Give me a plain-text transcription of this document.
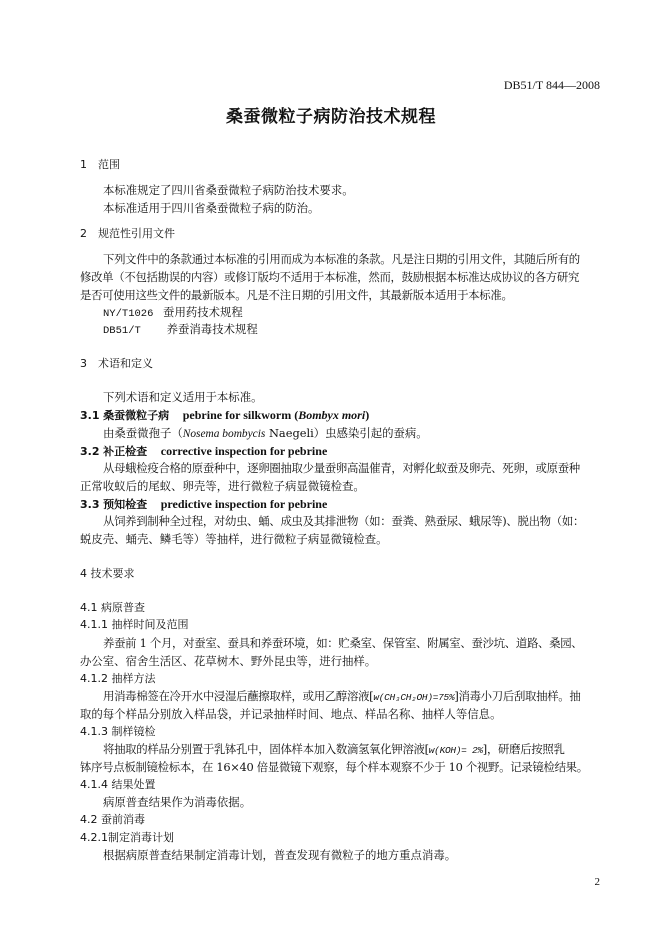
DB51/T 844—2008
桑蚕微粒子病防治技术规程
1　范围
本标准规定了四川省桑蚕微粒子病防治技术要求。
本标准适用于四川省桑蚕微粒子病的防治。
2　规范性引用文件
下列文件中的条款通过本标准的引用而成为本标准的条款。凡是注日期的引用文件，其随后所有的
修改单（不包括勘误的内容）或修订版均不适用于本标准，然而，鼓励根据本标准达成协议的各方研究
是否可使用这些文件的最新版本。凡是不注日期的引用文件，其最新版本适用于本标准。
NY/T1026 蚕用药技术规程
DB51/T 养蚕消毒技术规程
3　术语和定义
下列术语和定义适用于本标准。
3.1 桑蚕微粒子病 pebrine for silkworm (Bombyx mori)
由桑蚕微孢子（Nosema bombycis Naegeli）虫感染引起的蚕病。
3.2 补正检查 corrective inspection for pebrine
从母蛾检疫合格的原蚕种中，逐卵圈抽取少量蚕卵高温催青，对孵化蚁蚕及卵壳、死卵，或原蚕种
正常收蚁后的尾蚁、卵壳等，进行微粒子病显微镜检查。
3.3 预知检查 predictive inspection for pebrine
从饲养到制种全过程，对幼虫、蛹、成虫及其排泄物（如：蚕粪、熟蚕尿、蛾尿等)、脱出物（如：
蜕皮壳、蛹壳、鳞毛等）等抽样，进行微粒子病显微镜检查。
4 技术要求
4.1 病原普查
4.1.1 抽样时间及范围
养蚕前 1 个月，对蚕室、蚕具和养蚕环境，如：贮桑室、保管室、附属室、蚕沙坑、道路、桑园、
办公室、宿舍生活区、花草树木、野外昆虫等，进行抽样。
4.1.2 抽样方法
用消毒棉签在冷开水中浸湿后蘸擦取样，或用乙醇溶液[w(CH₃CH₂OH)=75%]消毒小刀后刮取抽样。抽
取的每个样品分别放入样品袋，并记录抽样时间、地点、样品名称、抽样人等信息。
4.1.3 制样镜检
将抽取的样品分别置于乳钵孔中，固体样本加入数滴氢氧化钾溶液[w(KOH)= 2%]，研磨后按照乳
钵序号点板制镜检标本，在 16×40 倍显微镜下观察，每个样本观察不少于 10 个视野。记录镜检结果。
4.1.4 结果处置
病原普查结果作为消毒依据。
4.2 蚕前消毒
4.2.1制定消毒计划
根据病原普查结果制定消毒计划，普查发现有微粒子的地方重点消毒。
2
